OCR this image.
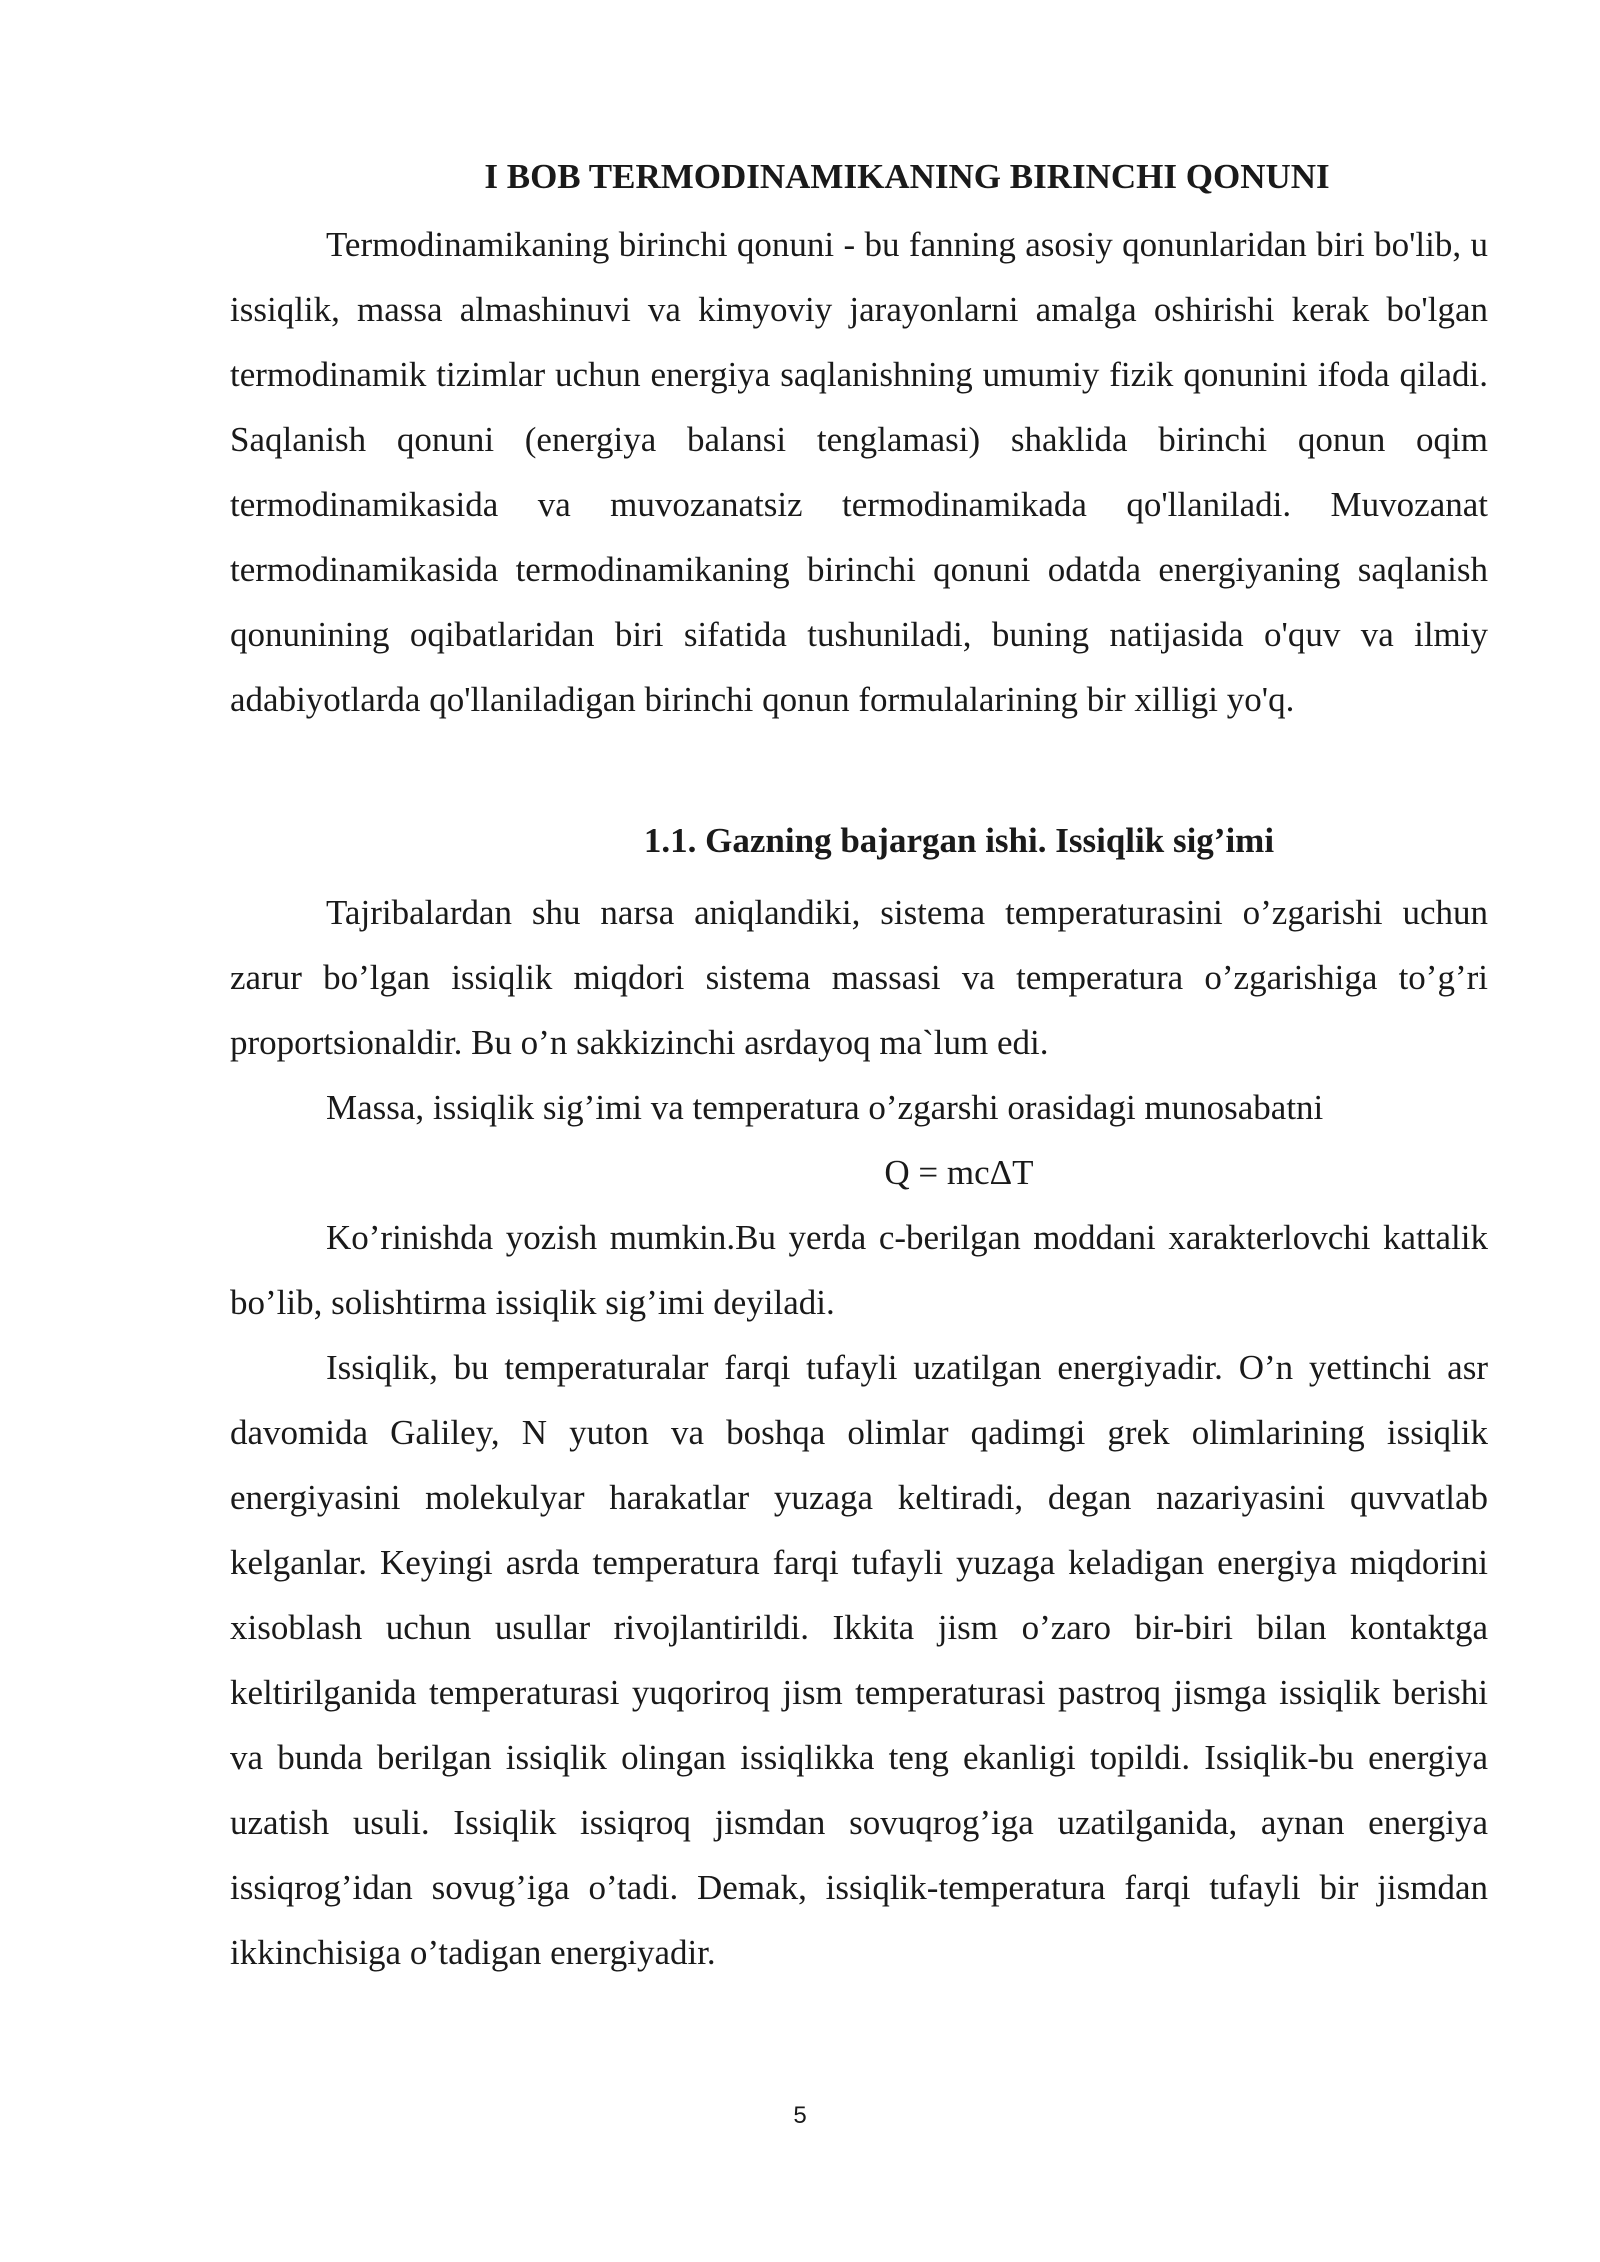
I BOB TERMODINAMIKANING BIRINCHI QONUNI

Termodinamikaning birinchi qonuni - bu fanning asosiy qonunlaridan biri bo'lib, u issiqlik, massa almashinuvi va kimyoviy jarayonlarni amalga oshirishi kerak bo'lgan termodinamik tizimlar uchun energiya saqlanishning umumiy fizik qonunini ifoda qiladi. Saqlanish qonuni (energiya balansi tenglamasi) shaklida birinchi qonun oqim termodinamikasida va muvozanatsiz termodinamikada qo'llaniladi. Muvozanat termodinamikasida termodinamikaning birinchi qonuni odatda energiyaning saqlanish qonunining oqibatlaridan biri sifatida tushuniladi, buning natijasida o'quv va ilmiy adabiyotlarda qo'llaniladigan birinchi qonun formulalarining bir xilligi yo'q.

1.1. Gazning bajargan ishi. Issiqlik sig’imi

Tajribalardan shu narsa aniqlandiki, sistema temperaturasini o’zgarishi uchun zarur bo’lgan issiqlik miqdori sistema massasi va temperatura o’zgarishiga to’g’ri proportsionaldir. Bu o’n sakkizinchi asrdayoq ma`lum edi.

Massa, issiqlik sig’imi va temperatura o’zgarshi orasidagi munosabatni

Q = mcΔT

Ko’rinishda yozish mumkin.Bu yerda c-berilgan moddani xarakterlovchi kattalik bo’lib, solishtirma issiqlik sig’imi deyiladi.

Issiqlik, bu temperaturalar farqi tufayli uzatilgan energiyadir. O’n yettinchi asr davomida Galiley, N yuton va boshqa olimlar qadimgi grek olimlarining issiqlik energiyasini molekulyar harakatlar yuzaga keltiradi, degan nazariyasini quvvatlab kelganlar. Keyingi asrda temperatura farqi tufayli yuzaga keladigan energiya miqdorini xisoblash uchun usullar rivojlantirildi. Ikkita jism o’zaro bir-biri bilan kontaktga keltirilganida temperaturasi yuqoriroq jism temperaturasi pastroq jismga issiqlik berishi va bunda berilgan issiqlik olingan issiqlikka teng ekanligi topildi. Issiqlik-bu energiya uzatish usuli. Issiqlik issiqroq jismdan sovuqrog’iga uzatilganida, aynan energiya issiqrog’idan sovug’iga o’tadi. Demak, issiqlik-temperatura farqi tufayli bir jismdan ikkinchisiga o’tadigan energiyadir.

5
